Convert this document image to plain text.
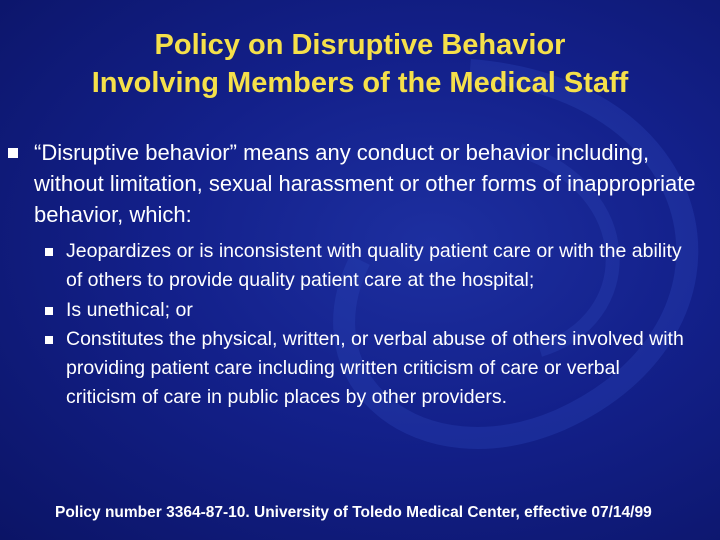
Policy on Disruptive Behavior
Involving Members of the Medical Staff
“Disruptive behavior” means any conduct or behavior including, without limitation, sexual harassment or other forms of inappropriate behavior, which:
Jeopardizes or is inconsistent with quality patient care or with the ability of others to provide quality patient care at the hospital;
Is unethical; or
Constitutes the physical, written, or verbal abuse of others involved with providing patient care including written criticism of care or verbal criticism of care in public places by other providers.
Policy number 3364-87-10. University of Toledo Medical Center, effective 07/14/99
